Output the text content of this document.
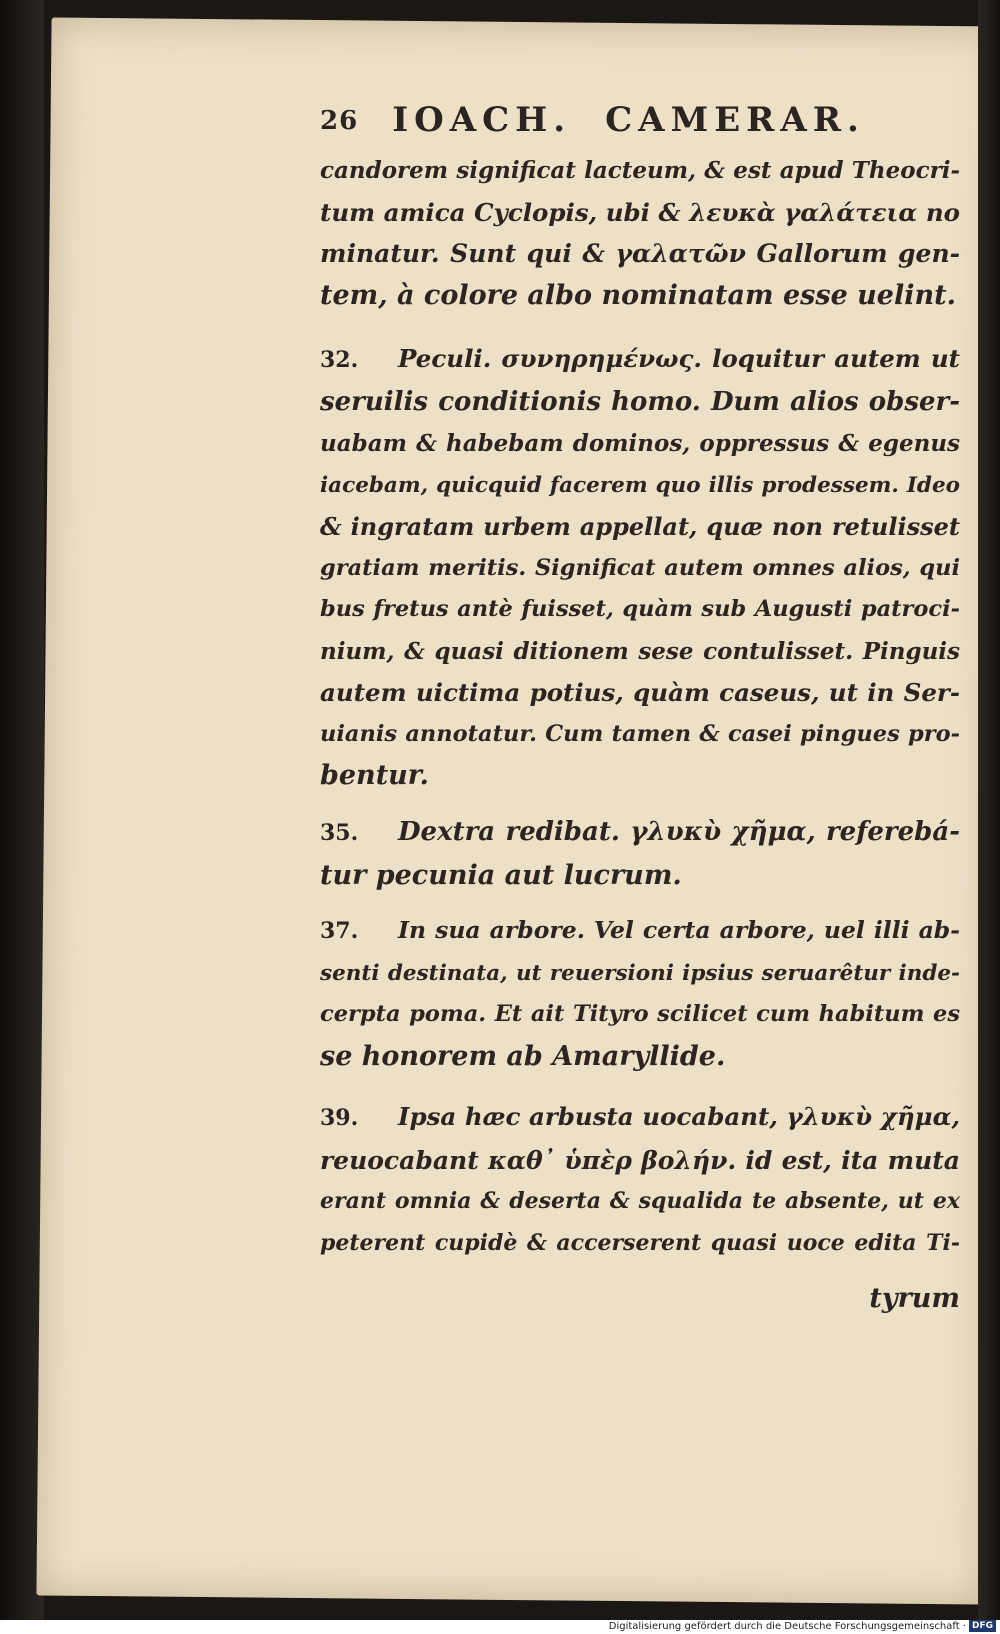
26 IOACH. CAMERAR.
candorem significat lacteum, & est apud Theocri-
tum amica Cyclopis, ubi & λευκὰ γαλάτεια no
minatur. Sunt qui & γαλατῶν Gallorum gen-
tem, à colore albo nominatam esse uelint.
32. Peculi. συνηρημένως. loquitur autem ut
seruilis conditionis homo. Dum alios obser-
uabam & habebam dominos, oppressus & egenus
iacebam, quicquid facerem quo illis prodessem. Ideo
& ingratam urbem appellat, quæ non retulisset
gratiam meritis. Significat autem omnes alios, qui
bus fretus antè fuisset, quàm sub Augusti patroci-
nium, & quasi ditionem sese contulisset. Pinguis
autem uictima potius, quàm caseus, ut in Ser-
uianis annotatur. Cum tamen & casei pingues pro-
bentur.
35. Dextra redibat. γλυκὺ χῆμα, referebá-
tur pecunia aut lucrum.
37. In sua arbore. Vel certa arbore, uel illi ab-
senti destinata, ut reuersioni ipsius seruarêtur inde-
cerpta poma. Et ait Tityro scilicet cum habitum es
se honorem ab Amaryllide.
39. Ipsa hæc arbusta uocabant, γλυκὺ χῆμα,
reuocabant καθ᾽ ὑπὲρ βολήν. id est, ita muta
erant omnia & deserta & squalida te absente, ut ex
peterent cupidè & accerserent quasi uoce edita Ti-
tyrum
Digitalisierung gefördert durch die Deutsche Forschungsgemeinschaft · DFG
